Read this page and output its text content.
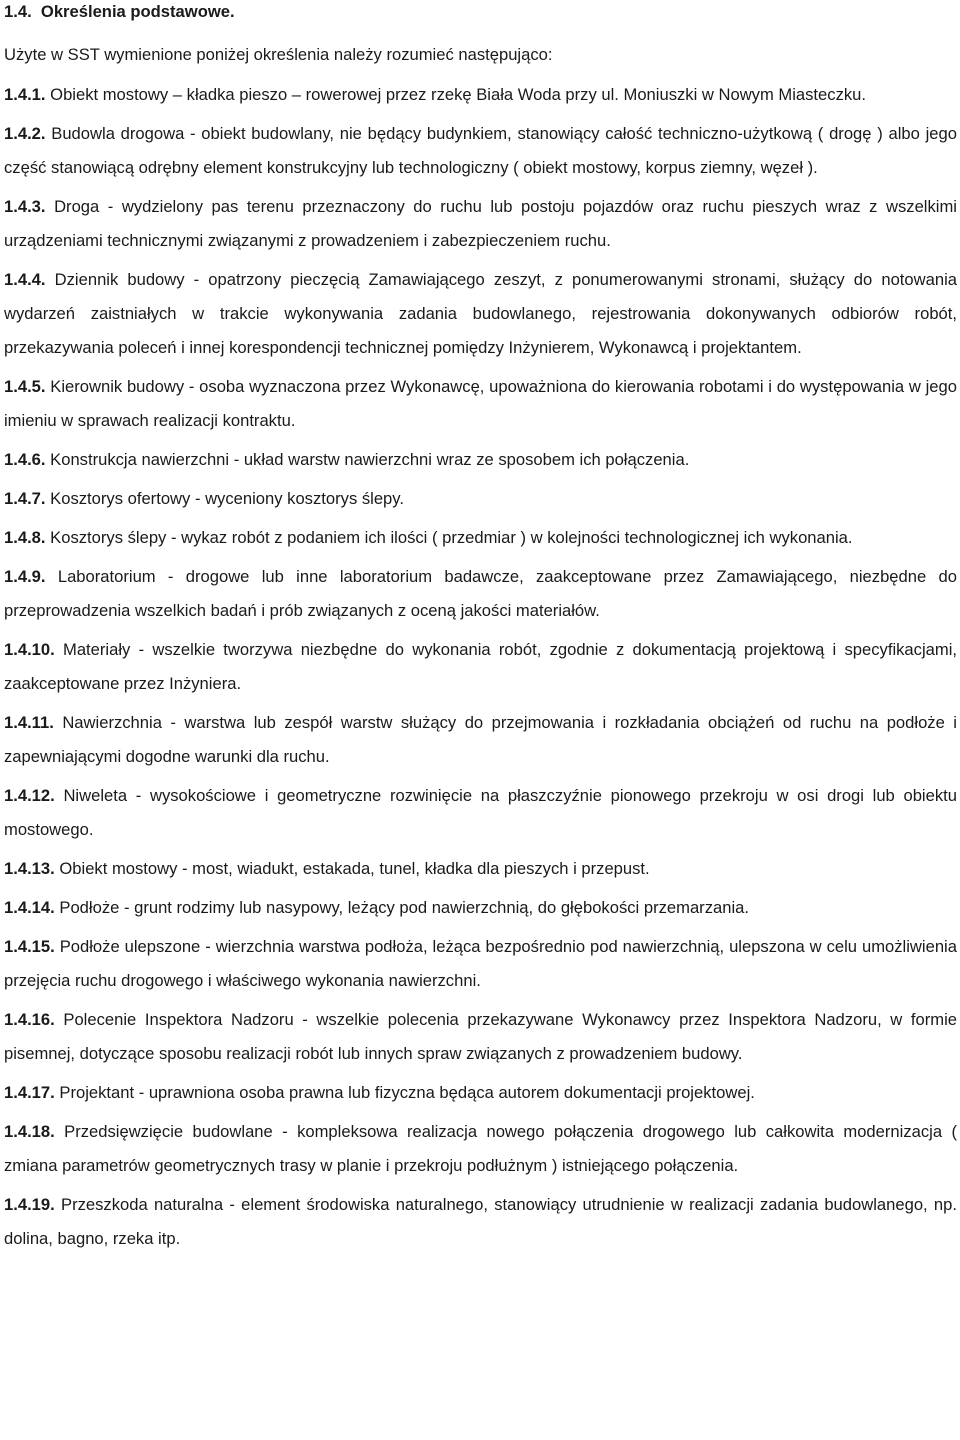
1.4. Określenia podstawowe.

Użyte w SST wymienione poniżej określenia należy rozumieć następująco:

1.4.1. Obiekt mostowy – kładka pieszo – rowerowej przez rzekę Biała Woda przy ul. Moniuszki w Nowym Miasteczku.
1.4.2. Budowla drogowa - obiekt budowlany, nie będący budynkiem, stanowiący całość techniczno-użytkową ( drogę ) albo jego część stanowiącą odrębny element konstrukcyjny lub technologiczny ( obiekt mostowy, korpus ziemny, węzeł ).
1.4.3. Droga - wydzielony pas terenu przeznaczony do ruchu lub postoju pojazdów oraz ruchu pieszych wraz z wszelkimi urządzeniami technicznymi związanymi z prowadzeniem i zabezpieczeniem ruchu.
1.4.4. Dziennik budowy - opatrzony pieczęcią Zamawiającego zeszyt, z ponumerowanymi stronami, służący do notowania wydarzeń zaistniałych w trakcie wykonywania zadania budowlanego, rejestrowania dokonywanych odbiorów robót, przekazywania poleceń i innej korespondencji technicznej pomiędzy Inżynierem, Wykonawcą i projektantem.
1.4.5. Kierownik budowy - osoba wyznaczona przez Wykonawcę, upoważniona do kierowania robotami i do występowania w jego imieniu w sprawach realizacji kontraktu.
1.4.6. Konstrukcja nawierzchni - układ warstw nawierzchni wraz ze sposobem ich połączenia.
1.4.7. Kosztorys ofertowy - wyceniony kosztorys ślepy.
1.4.8. Kosztorys ślepy - wykaz robót z podaniem ich ilości ( przedmiar ) w kolejności technologicznej ich wykonania.
1.4.9. Laboratorium - drogowe lub inne laboratorium badawcze, zaakceptowane przez Zamawiającego, niezbędne do przeprowadzenia wszelkich badań i prób związanych z oceną jakości materiałów.
1.4.10. Materiały - wszelkie tworzywa niezbędne do wykonania robót, zgodnie z dokumentacją projektową i specyfikacjami, zaakceptowane przez Inżyniera.
1.4.11. Nawierzchnia - warstwa lub zespół warstw służący do przejmowania i rozkładania obciążeń od ruchu na podłoże i zapewniającymi dogodne warunki dla ruchu.
1.4.12. Niweleta - wysokościowe i geometryczne rozwinięcie na płaszczyźnie pionowego przekroju w osi drogi lub obiektu mostowego.
1.4.13. Obiekt mostowy - most, wiadukt, estakada, tunel, kładka dla pieszych i przepust.
1.4.14. Podłoże - grunt rodzimy lub nasypowy, leżący pod nawierzchnią, do głębokości przemarzania.
1.4.15. Podłoże ulepszone - wierzchnia warstwa podłoża, leżąca bezpośrednio pod nawierzchnią, ulepszona w celu umożliwienia przejęcia ruchu drogowego i właściwego wykonania nawierzchni.
1.4.16. Polecenie Inspektora Nadzoru - wszelkie polecenia przekazywane Wykonawcy przez Inspektora Nadzoru, w formie pisemnej, dotyczące sposobu realizacji robót lub innych spraw związanych z prowadzeniem budowy.
1.4.17. Projektant - uprawniona osoba prawna lub fizyczna będąca autorem dokumentacji projektowej.
1.4.18. Przedsięwzięcie budowlane - kompleksowa realizacja nowego połączenia drogowego lub całkowita modernizacja ( zmiana parametrów geometrycznych trasy w planie i przekroju podłużnym ) istniejącego połączenia.
1.4.19. Przeszkoda naturalna - element środowiska naturalnego, stanowiący utrudnienie w realizacji zadania budowlanego, np. dolina, bagno, rzeka itp.
